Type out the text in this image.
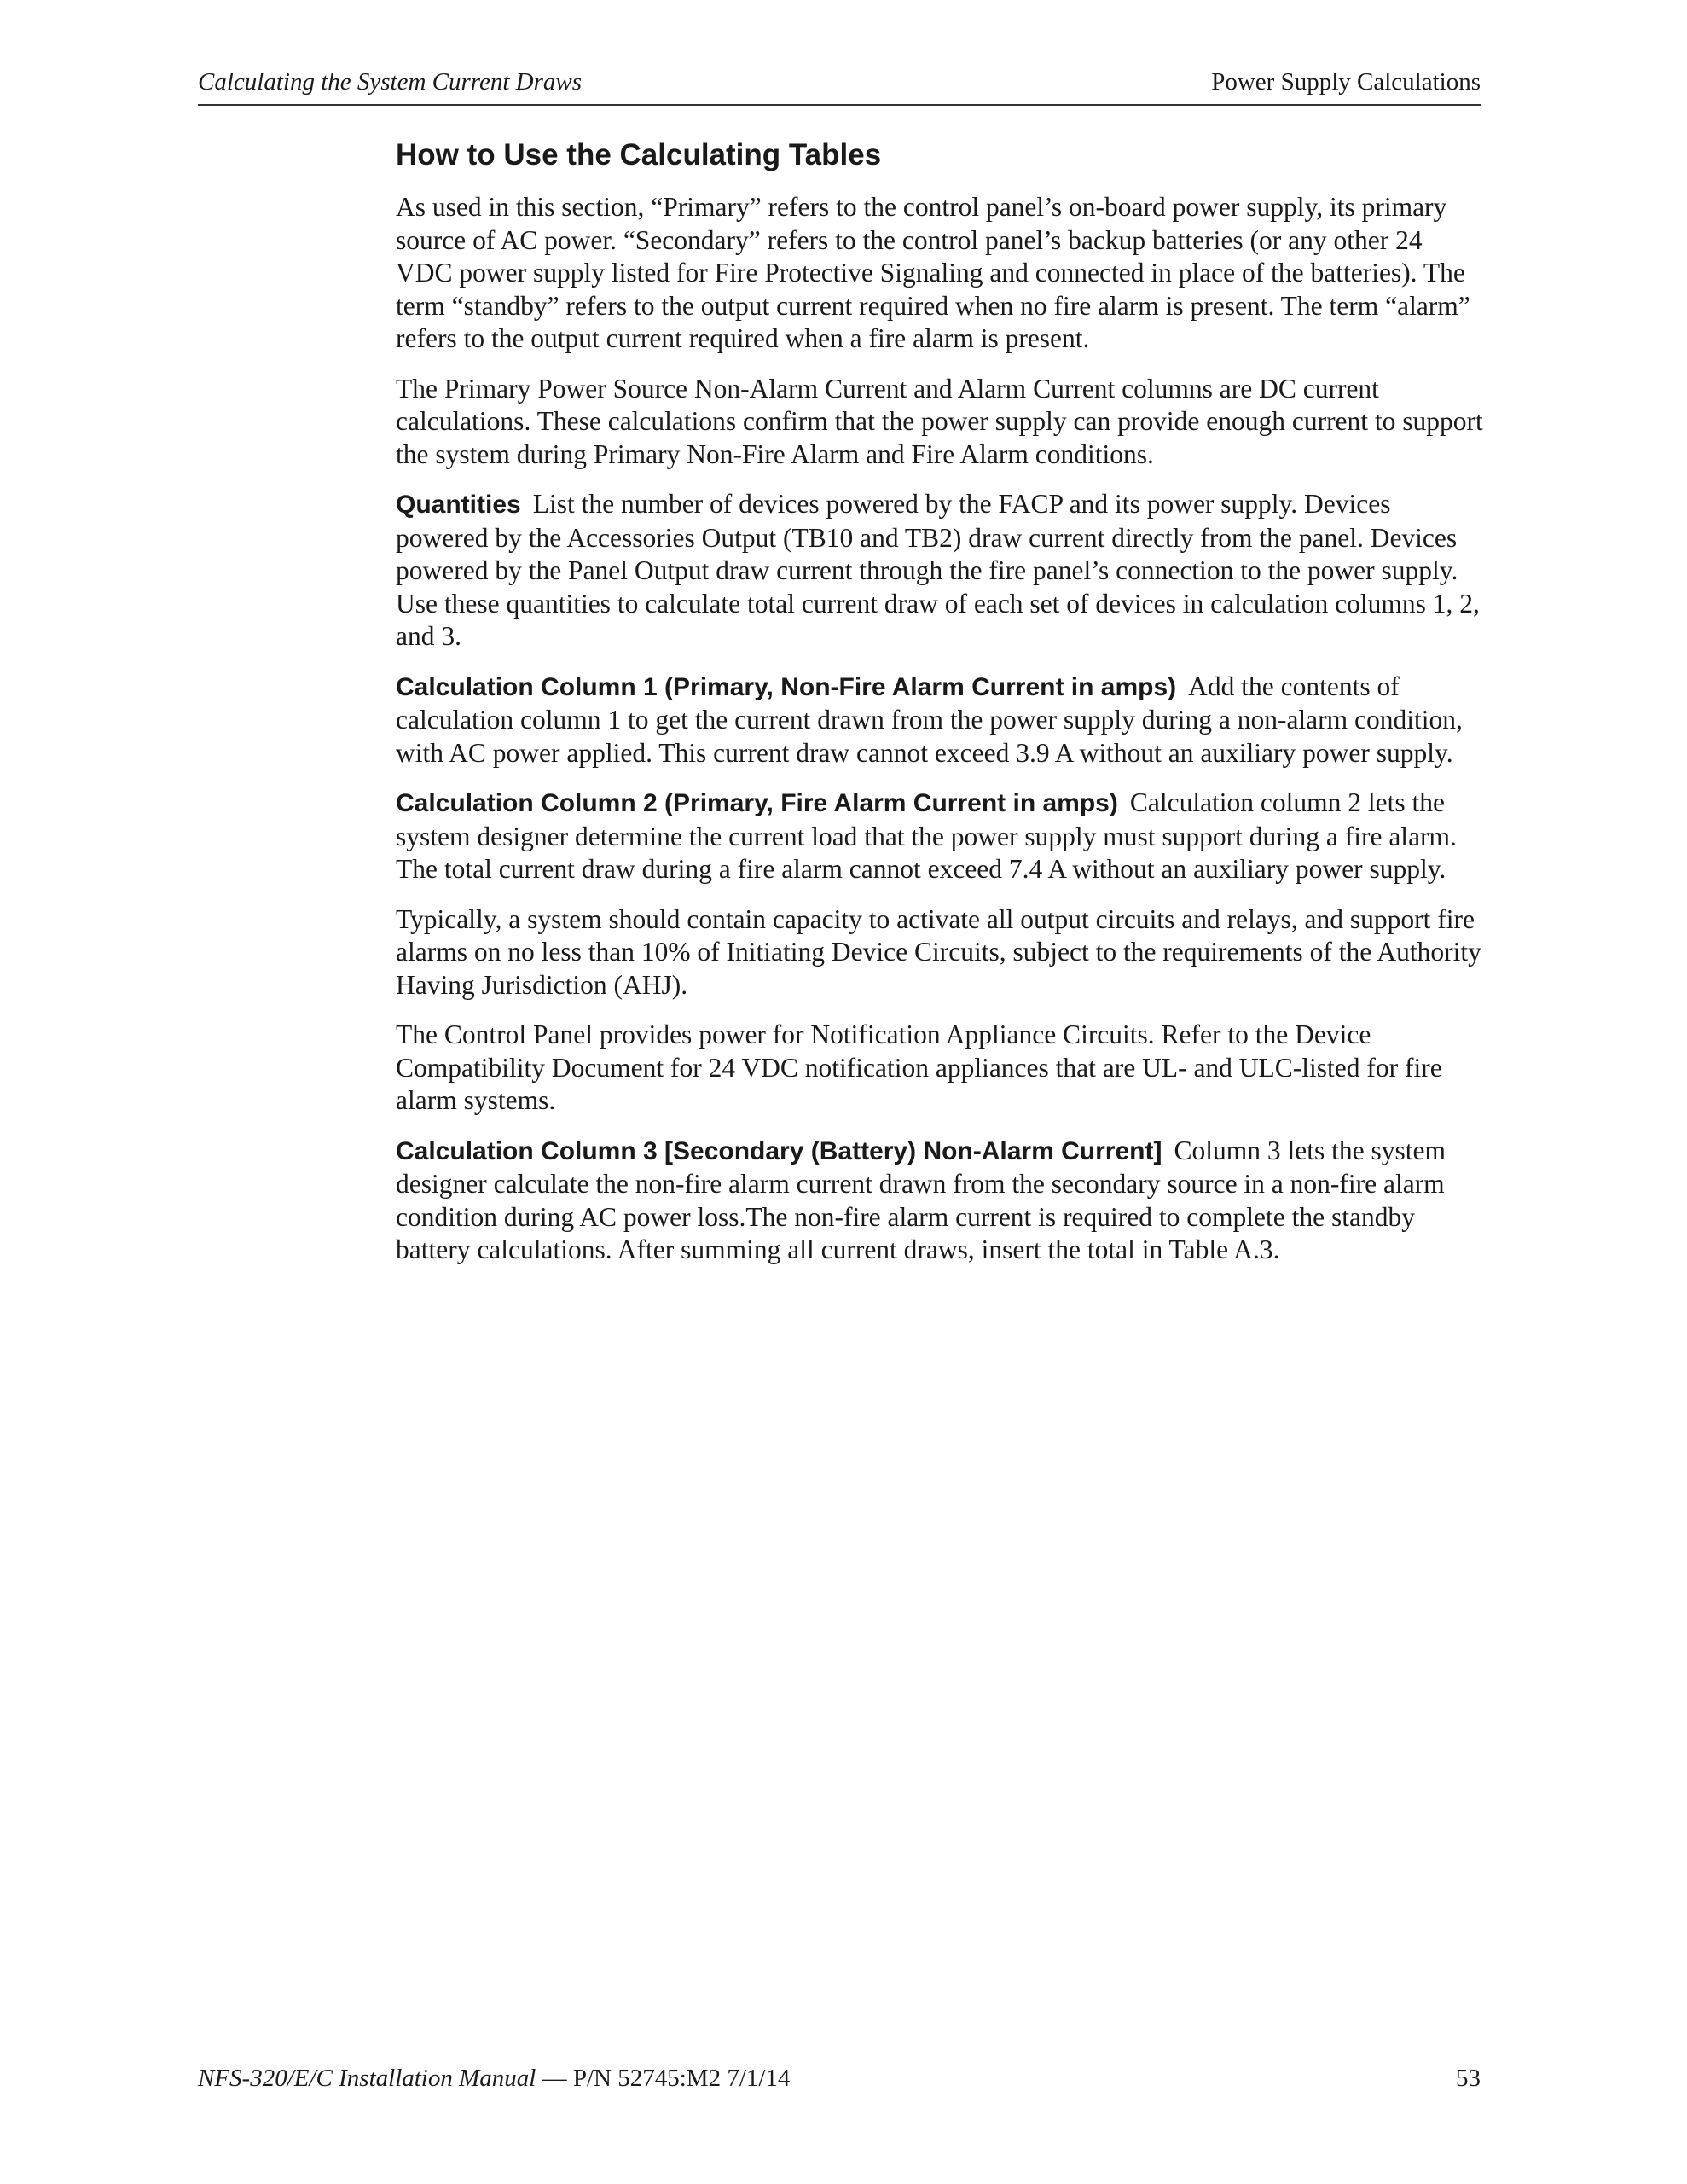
Calculating the System Current Draws	Power Supply Calculations
How to Use the Calculating Tables

As used in this section, “Primary” refers to the control panel’s on-board power supply, its primary source of AC power. “Secondary” refers to the control panel’s backup batteries (or any other 24 VDC power supply listed for Fire Protective Signaling and connected in place of the batteries). The term “standby” refers to the output current required when no fire alarm is present. The term “alarm” refers to the output current required when a fire alarm is present.

The Primary Power Source Non-Alarm Current and Alarm Current columns are DC current calculations. These calculations confirm that the power supply can provide enough current to support the system during Primary Non-Fire Alarm and Fire Alarm conditions.

Quantities List the number of devices powered by the FACP and its power supply. Devices powered by the Accessories Output (TB10 and TB2) draw current directly from the panel. Devices powered by the Panel Output draw current through the fire panel’s connection to the power supply. Use these quantities to calculate total current draw of each set of devices in calculation columns 1, 2, and 3.

Calculation Column 1 (Primary, Non-Fire Alarm Current in amps) Add the contents of calculation column 1 to get the current drawn from the power supply during a non-alarm condition, with AC power applied. This current draw cannot exceed 3.9 A without an auxiliary power supply.

Calculation Column 2 (Primary, Fire Alarm Current in amps) Calculation column 2 lets the system designer determine the current load that the power supply must support during a fire alarm. The total current draw during a fire alarm cannot exceed 7.4 A without an auxiliary power supply.

Typically, a system should contain capacity to activate all output circuits and relays, and support fire alarms on no less than 10% of Initiating Device Circuits, subject to the requirements of the Authority Having Jurisdiction (AHJ).

The Control Panel provides power for Notification Appliance Circuits. Refer to the Device Compatibility Document for 24 VDC notification appliances that are UL- and ULC-listed for fire alarm systems.

Calculation Column 3 [Secondary (Battery) Non-Alarm Current] Column 3 lets the system designer calculate the non-fire alarm current drawn from the secondary source in a non-fire alarm condition during AC power loss.The non-fire alarm current is required to complete the standby battery calculations. After summing all current draws, insert the total in Table A.3.

NFS-320/E/C Installation Manual — P/N 52745:M2 7/1/14	53
